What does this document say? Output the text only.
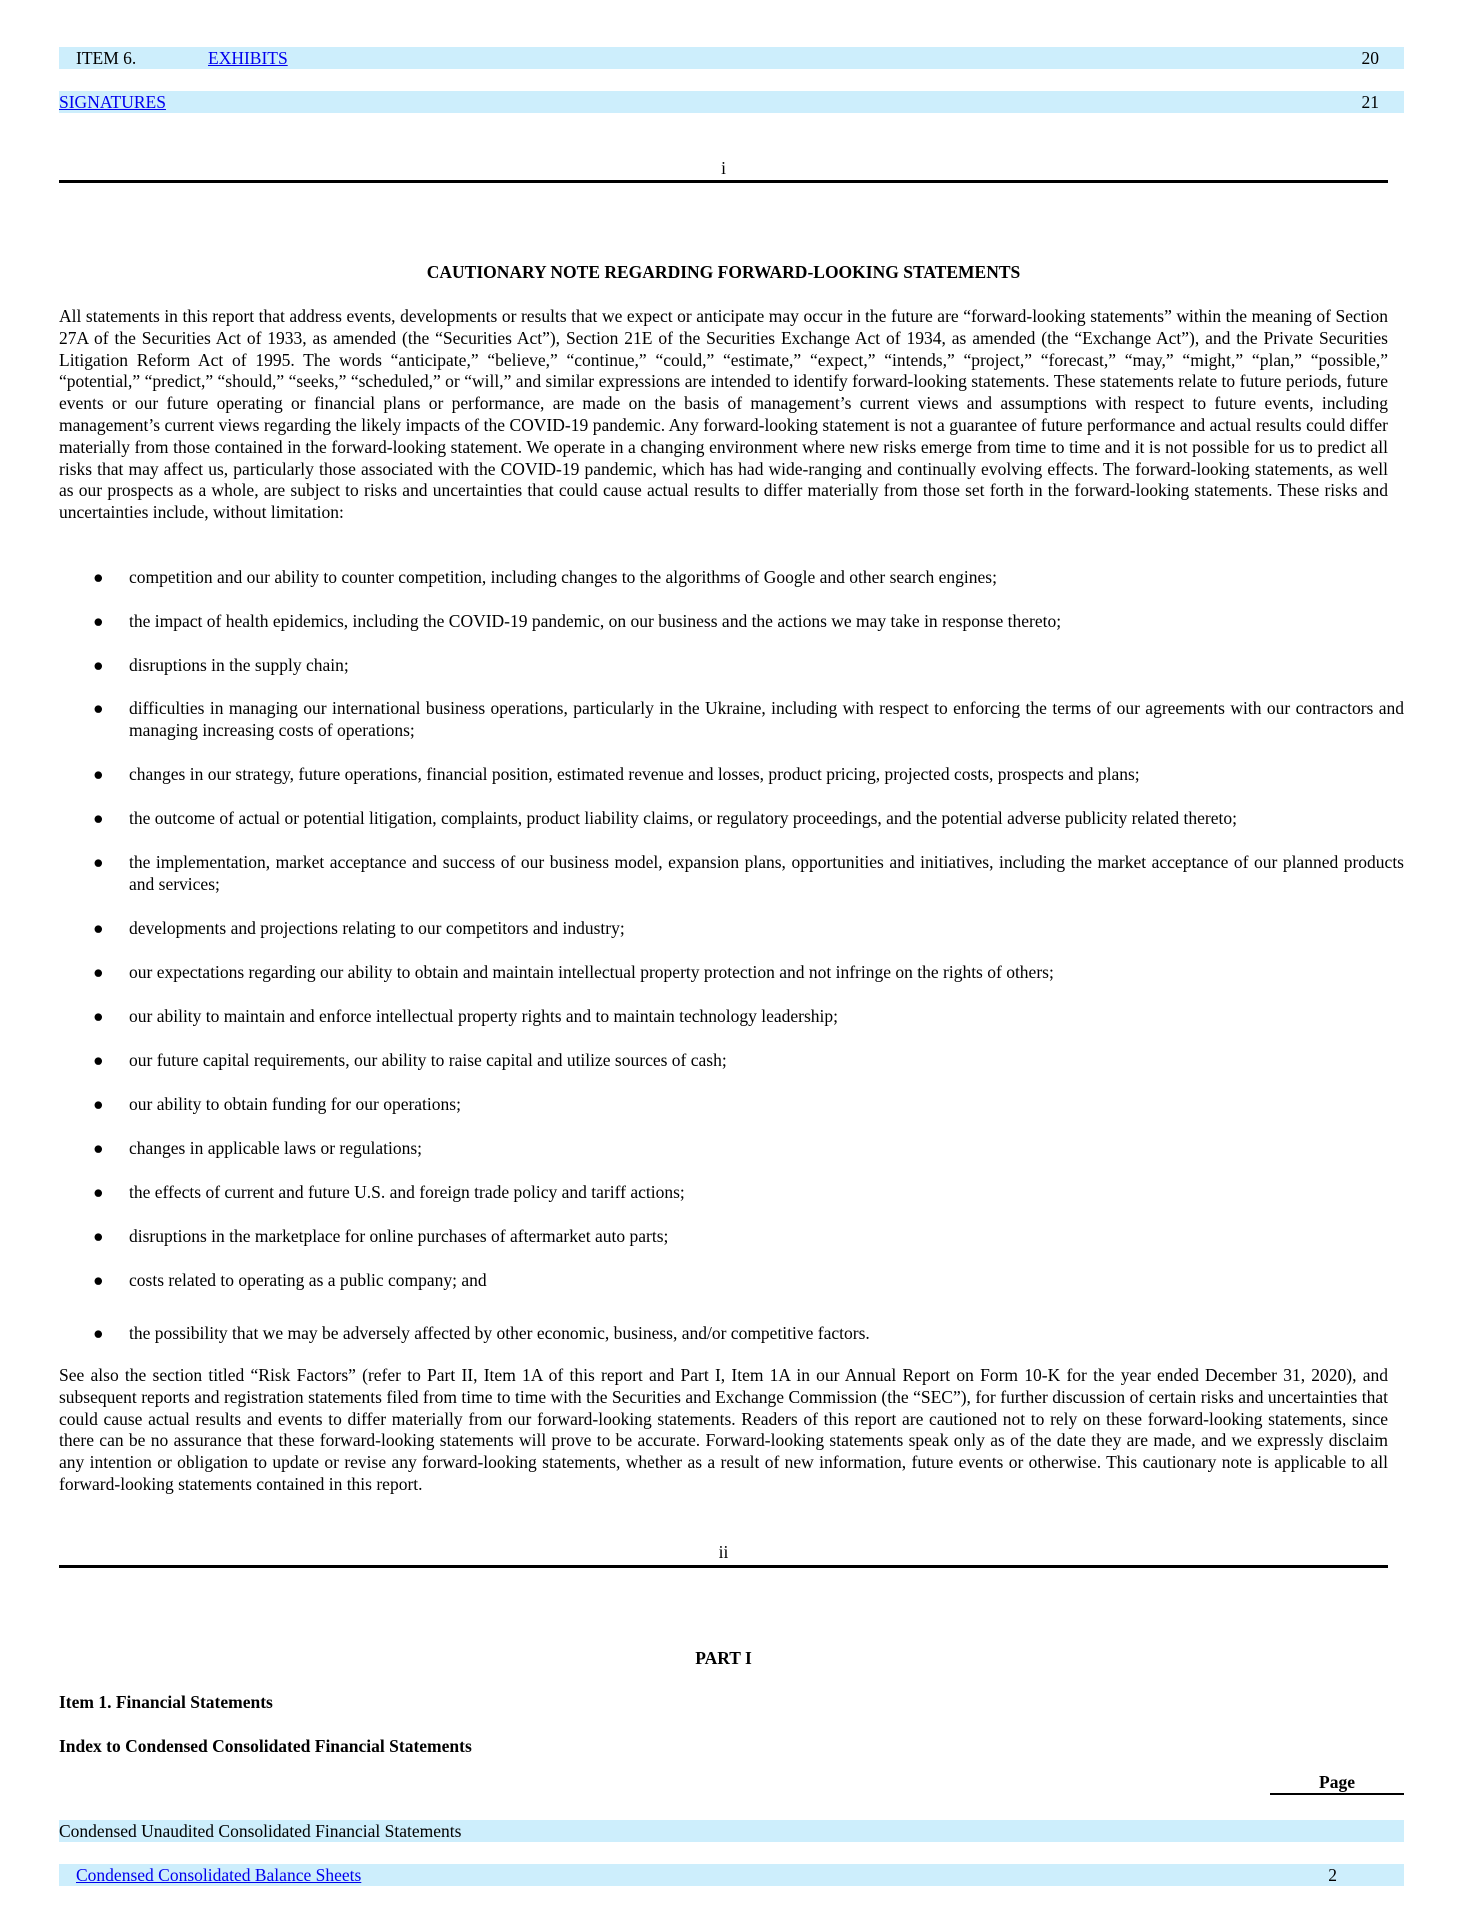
ITEM 6.	EXHIBITS	20
SIGNATURES	21
i
CAUTIONARY NOTE REGARDING FORWARD-LOOKING STATEMENTS
All statements in this report that address events, developments or results that we expect or anticipate may occur in the future are “forward-looking statements” within the meaning of Section 27A of the Securities Act of 1933, as amended (the “Securities Act”), Section 21E of the Securities Exchange Act of 1934, as amended (the “Exchange Act”), and the Private Securities Litigation Reform Act of 1995. The words “anticipate,” “believe,” “continue,” “could,” “estimate,” “expect,” “intends,” “project,” “forecast,” “may,” “might,” “plan,” “possible,” “potential,” “predict,” “should,” “seeks,” “scheduled,” or “will,” and similar expressions are intended to identify forward-looking statements. These statements relate to future periods, future events or our future operating or financial plans or performance, are made on the basis of management’s current views and assumptions with respect to future events, including management’s current views regarding the likely impacts of the COVID-19 pandemic. Any forward-looking statement is not a guarantee of future performance and actual results could differ materially from those contained in the forward-looking statement. We operate in a changing environment where new risks emerge from time to time and it is not possible for us to predict all risks that may affect us, particularly those associated with the COVID-19 pandemic, which has had wide-ranging and continually evolving effects. The forward-looking statements, as well as our prospects as a whole, are subject to risks and uncertainties that could cause actual results to differ materially from those set forth in the forward-looking statements. These risks and uncertainties include, without limitation:
● competition and our ability to counter competition, including changes to the algorithms of Google and other search engines;
● the impact of health epidemics, including the COVID-19 pandemic, on our business and the actions we may take in response thereto;
● disruptions in the supply chain;
● difficulties in managing our international business operations, particularly in the Ukraine, including with respect to enforcing the terms of our agreements with our contractors and managing increasing costs of operations;
● changes in our strategy, future operations, financial position, estimated revenue and losses, product pricing, projected costs, prospects and plans;
● the outcome of actual or potential litigation, complaints, product liability claims, or regulatory proceedings, and the potential adverse publicity related thereto;
● the implementation, market acceptance and success of our business model, expansion plans, opportunities and initiatives, including the market acceptance of our planned products and services;
● developments and projections relating to our competitors and industry;
● our expectations regarding our ability to obtain and maintain intellectual property protection and not infringe on the rights of others;
● our ability to maintain and enforce intellectual property rights and to maintain technology leadership;
● our future capital requirements, our ability to raise capital and utilize sources of cash;
● our ability to obtain funding for our operations;
● changes in applicable laws or regulations;
● the effects of current and future U.S. and foreign trade policy and tariff actions;
● disruptions in the marketplace for online purchases of aftermarket auto parts;
● costs related to operating as a public company; and
● the possibility that we may be adversely affected by other economic, business, and/or competitive factors.
See also the section titled “Risk Factors” (refer to Part II, Item 1A of this report and Part I, Item 1A in our Annual Report on Form 10-K for the year ended December 31, 2020), and subsequent reports and registration statements filed from time to time with the Securities and Exchange Commission (the “SEC”), for further discussion of certain risks and uncertainties that could cause actual results and events to differ materially from our forward-looking statements. Readers of this report are cautioned not to rely on these forward-looking statements, since there can be no assurance that these forward-looking statements will prove to be accurate. Forward-looking statements speak only as of the date they are made, and we expressly disclaim any intention or obligation to update or revise any forward-looking statements, whether as a result of new information, future events or otherwise. This cautionary note is applicable to all forward-looking statements contained in this report.
ii
PART I
Item 1. Financial Statements
Index to Condensed Consolidated Financial Statements
Page
Condensed Unaudited Consolidated Financial Statements
Condensed Consolidated Balance Sheets	2
